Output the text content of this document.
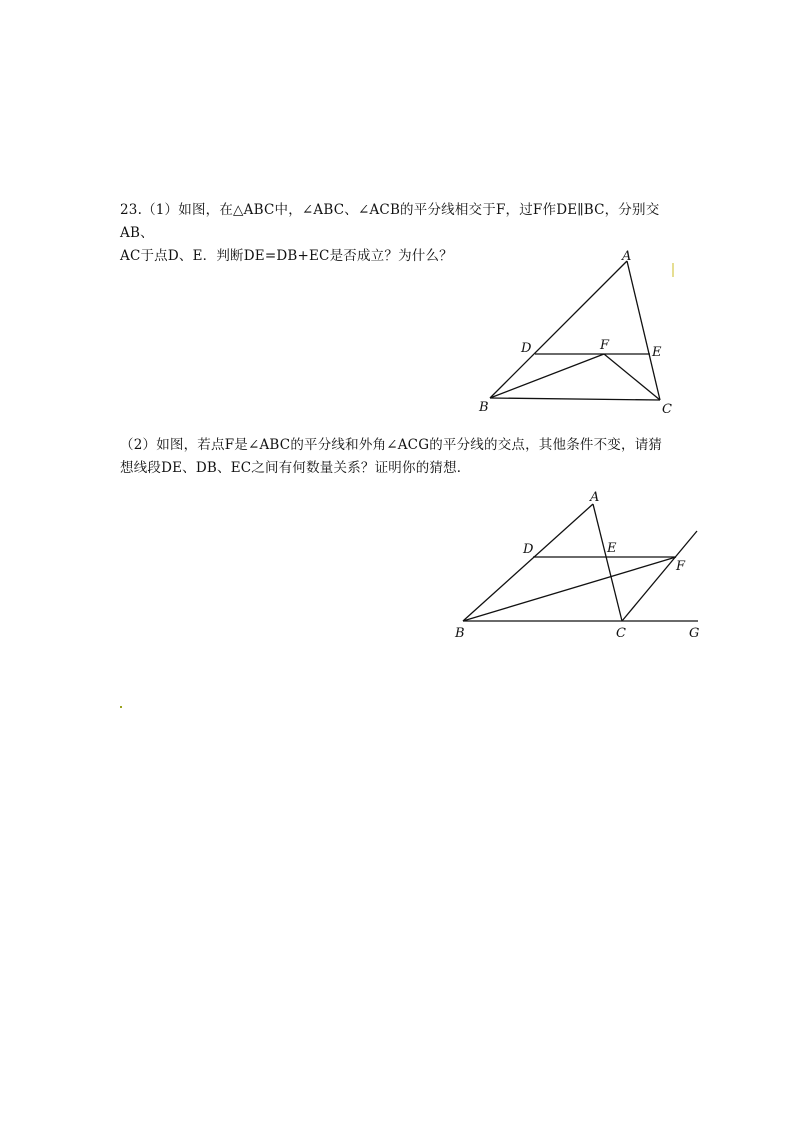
23.（1）如图，在△ABC中，∠ABC、∠ACB的平分线相交于F，过F作DE∥BC，分别交AB、
AC于点D、E．判断DE=DB+EC是否成立？为什么？	A
D	F	E
B	C
（2）如图，若点F是∠ABC的平分线和外角∠ACG的平分线的交点，其他条件不变，请猜
想线段DE、DB、EC之间有何数量关系？证明你的猜想．
A
D	E
F
B	C	G
